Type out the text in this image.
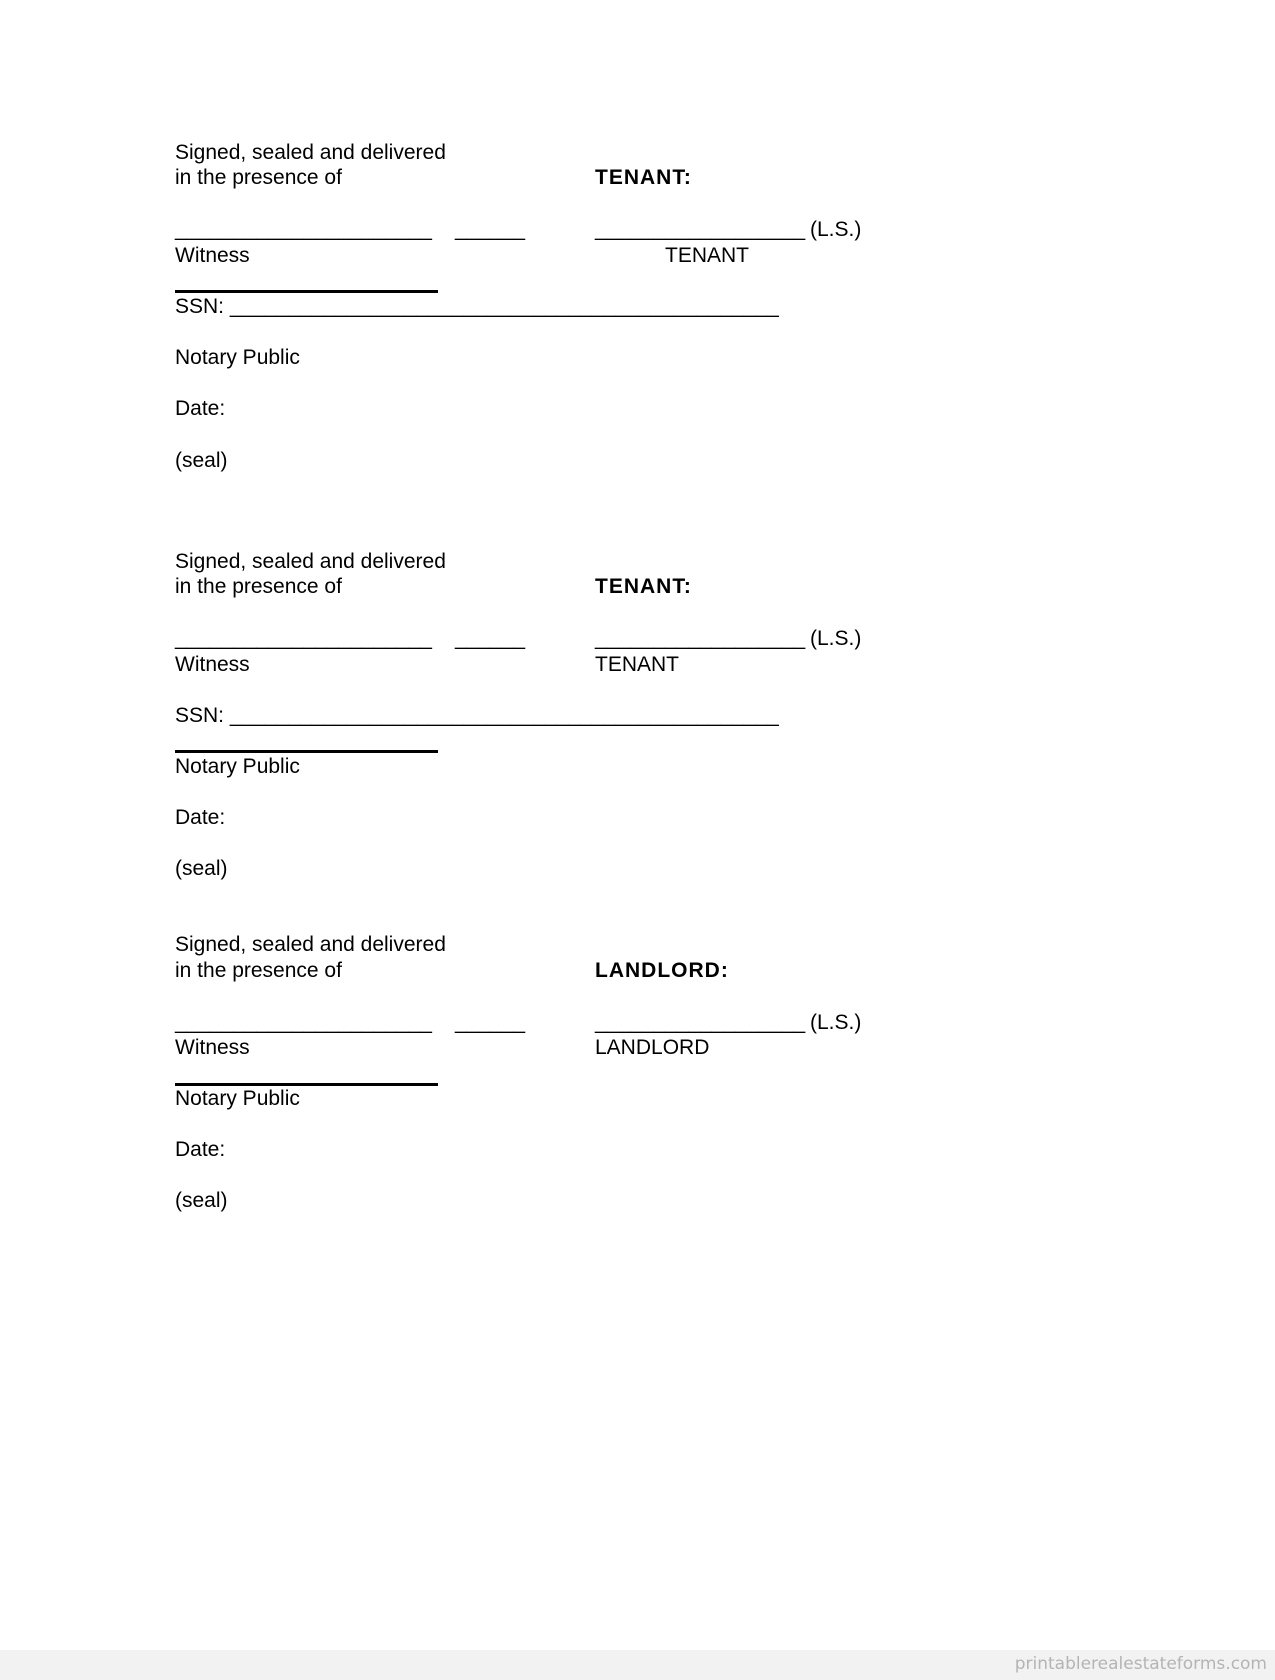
Signed, sealed and delivered
in the presence of	TENANT:
______________________ ______	__________________ (L.S.)
Witness	TENANT
SSN: _______________________________________________
Notary Public
Date:
(seal)
Signed, sealed and delivered
in the presence of	TENANT:
______________________ ______	__________________ (L.S.)
Witness	TENANT
SSN: _______________________________________________
Notary Public
Date:
(seal)
Signed, sealed and delivered
in the presence of	LANDLORD:
______________________ ______	__________________ (L.S.)
Witness	LANDLORD
Notary Public
Date:
(seal)
printablerealestateforms.com
